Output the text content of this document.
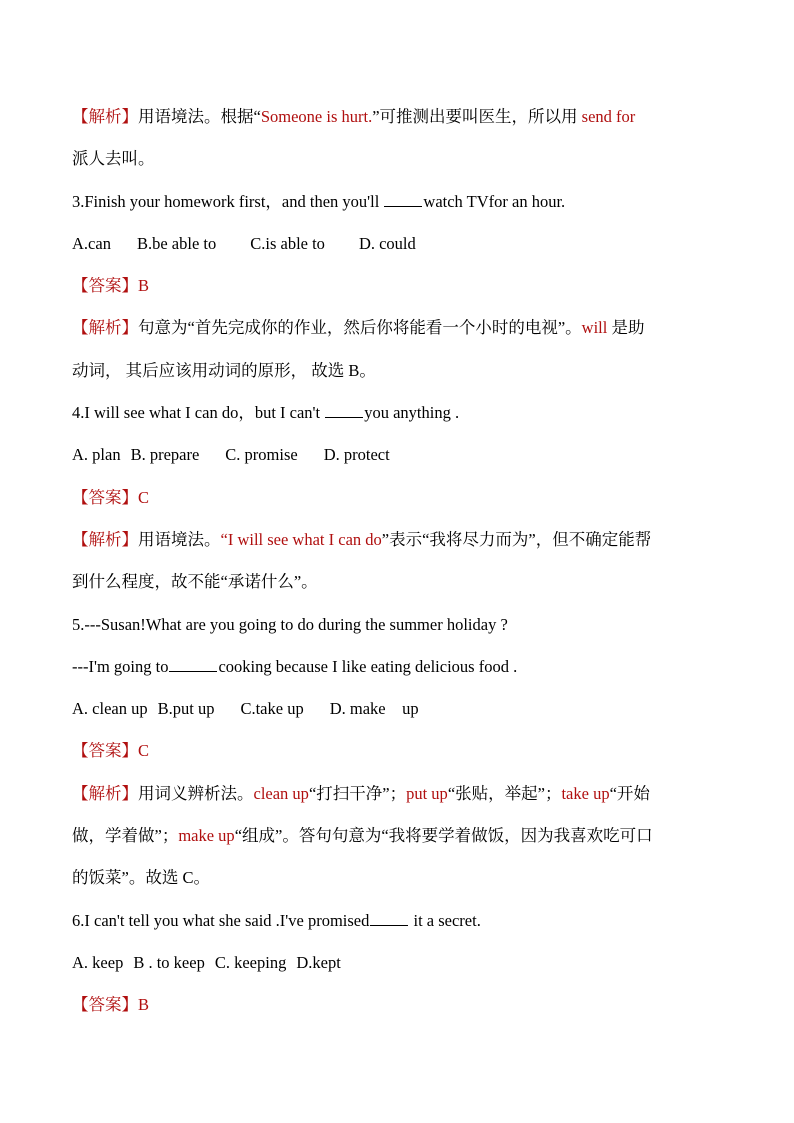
【解析】用语境法。根据“Someone is hurt.”可推测出要叫医生，所以用 send for
派人去叫。
3.Finish your homework first，and then you'll watch TVfor an hour.
A.can B.be able to C.is able to D. could
【答案】B
【解析】句意为“首先完成你的作业，然后你将能看一个小时的电视”。will 是助
动词， 其后应该用动词的原形， 故选 B。
4.I will see what I can do，but I can't you anything .
A. plan B. prepare C. promise D. protect
【答案】C
【解析】用语境法。“I will see what I can do”表示“我将尽力而为”，但不确定能帮
到什么程度，故不能“承诺什么”。
5.---Susan!What are you going to do during the summer holiday ?
---I'm going to	cooking because I like eating delicious food .
A. clean up B.put up C.take up D. make    up
【答案】C
【解析】用词义辨析法。clean up“打扫干净”；put up“张贴，举起”；take up“开始
做，学着做”；make up“组成”。答句句意为“我将要学着做饭，因为我喜欢吃可口
的饭菜”。故选 C。
6.I can't tell you what she said .I've promised it a secret.
A. keep B . to keep C. keeping D.kept
【答案】B
